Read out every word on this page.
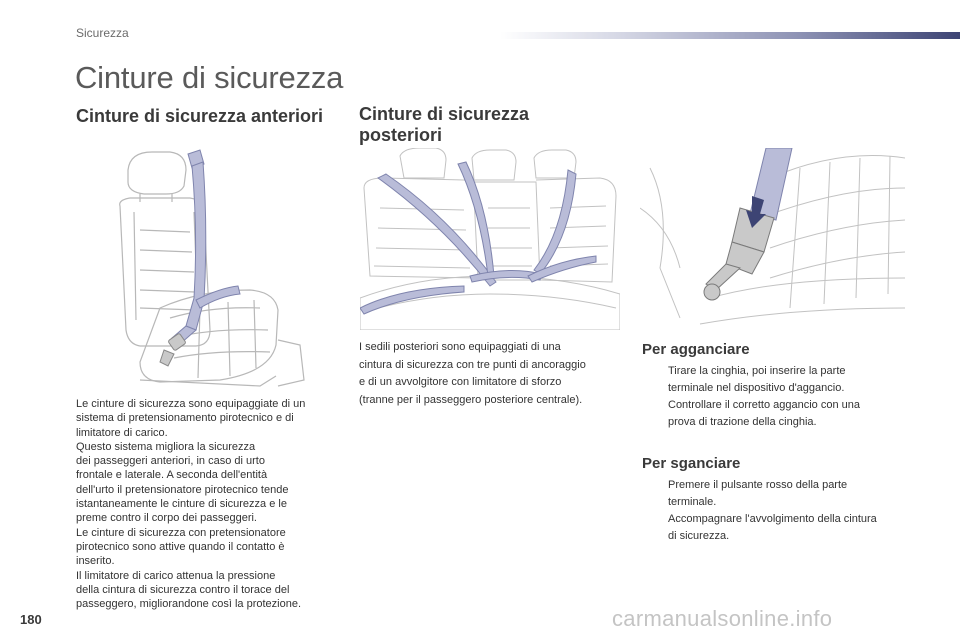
Sicurezza
Cinture di sicurezza
Cinture di sicurezza anteriori
Le cinture di sicurezza sono equipaggiate di un
sistema di pretensionamento pirotecnico e di
limitatore di carico.
Questo sistema migliora la sicurezza
dei passeggeri anteriori, in caso di urto
frontale e laterale. A seconda dell'entità
dell'urto il pretensionatore pirotecnico tende
istantaneamente le cinture di sicurezza e le
preme contro il corpo dei passeggeri.
Le cinture di sicurezza con pretensionatore
pirotecnico sono attive quando il contatto è
inserito.
Il limitatore di carico attenua la pressione
della cintura di sicurezza contro il torace del
passeggero, migliorandone così la protezione.
Cinture di sicurezza
posteriori
I sedili posteriori sono equipaggiati di una
cintura di sicurezza con tre punti di ancoraggio
e di un avvolgitore con limitatore di sforzo
(tranne per il passeggero posteriore centrale).
Per agganciare
Tirare la cinghia, poi inserire la parte
terminale nel dispositivo d'aggancio.
Controllare il corretto aggancio con una
prova di trazione della cinghia.
Per sganciare
Premere il pulsante rosso della parte
terminale.
Accompagnare l'avvolgimento della cintura
di sicurezza.
180	carmanualsonline.info
